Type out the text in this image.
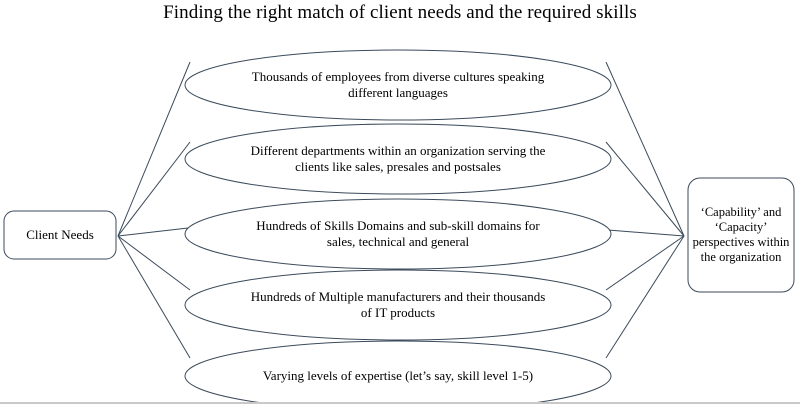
Finding the right match of client needs and the required skills
Client Needs
‘Capability’ and ‘Capacity’ perspectives within the organization
Thousands of employees from diverse cultures speaking different languages
Different departments within an organization serving the clients like sales, presales and postsales
Hundreds of Skills Domains and sub-skill domains for sales, technical and general
Hundreds of Multiple manufacturers and their thousands of IT products
Varying levels of expertise (let’s say, skill level 1-5)
